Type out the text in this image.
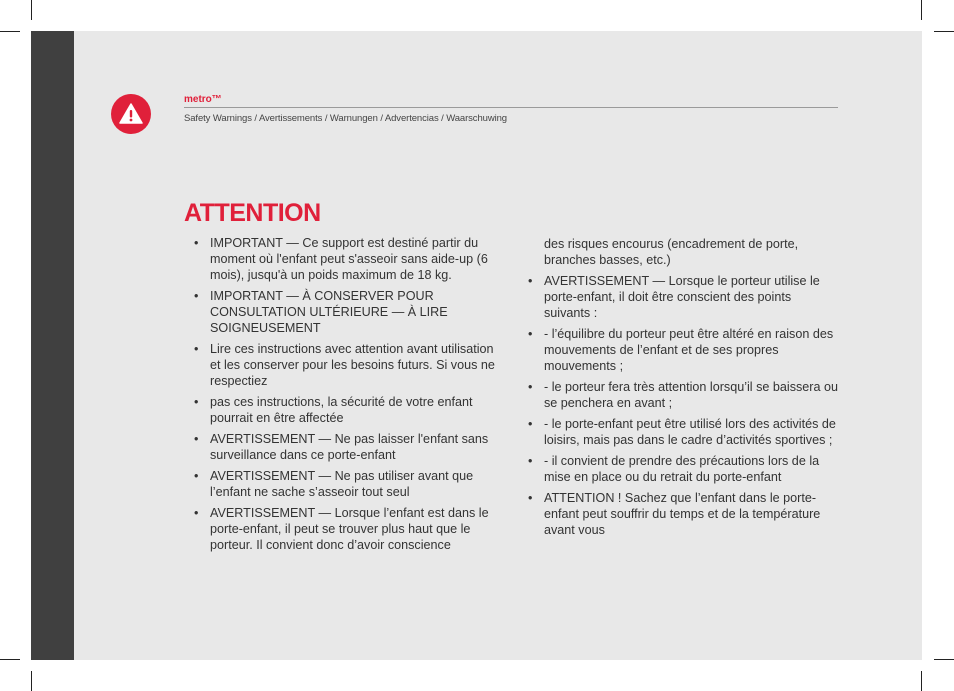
metro™
Safety Warnings / Avertissements / Warnungen / Advertencias / Waarschuwing
ATTENTION
• IMPORTANT — Ce support est destiné partir du moment où l'enfant peut s'asseoir sans aide-up (6 mois), jusqu'à un poids maximum de 18 kg.
• IMPORTANT — À CONSERVER POUR CONSULTATION ULTÉRIEURE — À LIRE SOIGNEUSEMENT
• Lire ces instructions avec attention avant utilisation et les conserver pour les besoins futurs. Si vous ne respectiez
• pas ces instructions, la sécurité de votre enfant pourrait en être affectée
• AVERTISSEMENT — Ne pas laisser l'enfant sans surveillance dans ce porte-enfant
• AVERTISSEMENT — Ne pas utiliser avant que l’enfant ne sache s’asseoir tout seul
• AVERTISSEMENT — Lorsque l’enfant est dans le porte-enfant, il peut se trouver plus haut que le porteur. Il convient donc d’avoir conscience
des risques encourus (encadrement de porte, branches basses, etc.)
• AVERTISSEMENT — Lorsque le porteur utilise le porte-enfant, il doit être conscient des points suivants :
• - l’équilibre du porteur peut être altéré en raison des mouvements de l’enfant et de ses propres mouvements ;
• - le porteur fera très attention lorsqu’il se baissera ou se penchera en avant ;
• - le porte-enfant peut être utilisé lors des activités de loisirs, mais pas dans le cadre d’activités sportives ;
• - il convient de prendre des précautions lors de la mise en place ou du retrait du porte-enfant
• ATTENTION ! Sachez que l’enfant dans le porte-enfant peut souffrir du temps et de la température avant vous
